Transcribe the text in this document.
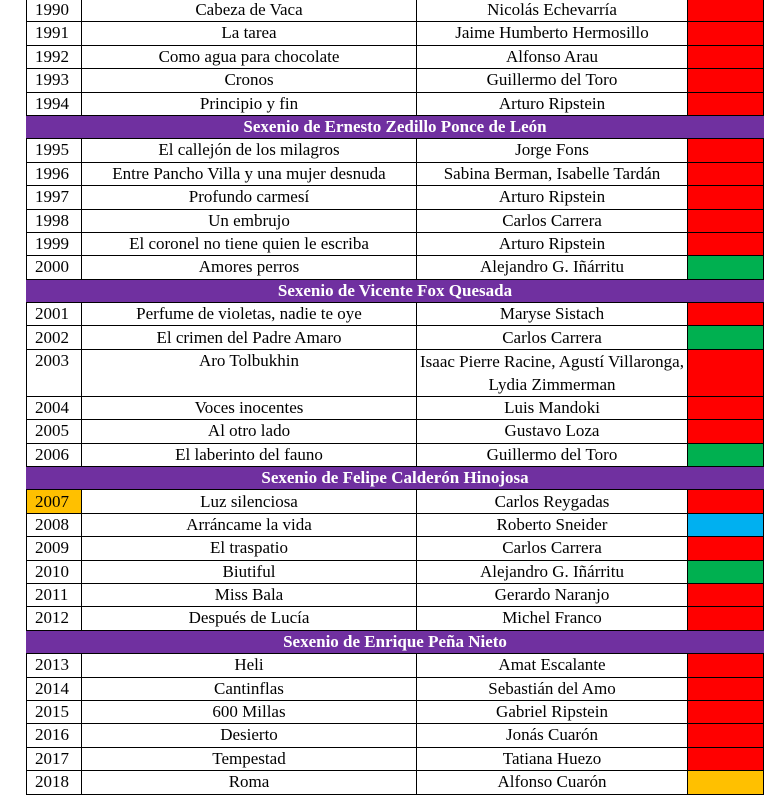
1990	Cabeza de Vaca	Nicolás Echevarría	
1991	La tarea	Jaime Humberto Hermosillo	
1992	Como agua para chocolate	Alfonso Arau	
1993	Cronos	Guillermo del Toro	
1994	Principio y fin	Arturo Ripstein	
Sexenio de Ernesto Zedillo Ponce de León			
1995	El callejón de los milagros	Jorge Fons	
1996	Entre Pancho Villa y una mujer desnuda	Sabina Berman, Isabelle Tardán	
1997	Profundo carmesí	Arturo Ripstein	
1998	Un embrujo	Carlos Carrera	
1999	El coronel no tiene quien le escriba	Arturo Ripstein	
2000	Amores perros	Alejandro G. Iñárritu	
Sexenio de Vicente Fox Quesada			
2001	Perfume de violetas, nadie te oye	Maryse Sistach	
2002	El crimen del Padre Amaro	Carlos Carrera	
2003	Aro Tolbukhin	Isaac Pierre Racine, Agustí Villaronga, Lydia Zimmerman	
2004	Voces inocentes	Luis Mandoki	
2005	Al otro lado	Gustavo Loza	
2006	El laberinto del fauno	Guillermo del Toro	
Sexenio de Felipe Calderón Hinojosa			
2007	Luz silenciosa	Carlos Reygadas	
2008	Arráncame la vida	Roberto Sneider	
2009	El traspatio	Carlos Carrera	
2010	Biutiful	Alejandro G. Iñárritu	
2011	Miss Bala	Gerardo Naranjo	
2012	Después de Lucía	Michel Franco	
Sexenio de Enrique Peña Nieto			
2013	Heli	Amat Escalante	
2014	Cantinflas	Sebastián del Amo	
2015	600 Millas	Gabriel Ripstein	
2016	Desierto	Jonás Cuarón	
2017	Tempestad	Tatiana Huezo	
2018	Roma	Alfonso Cuarón	
